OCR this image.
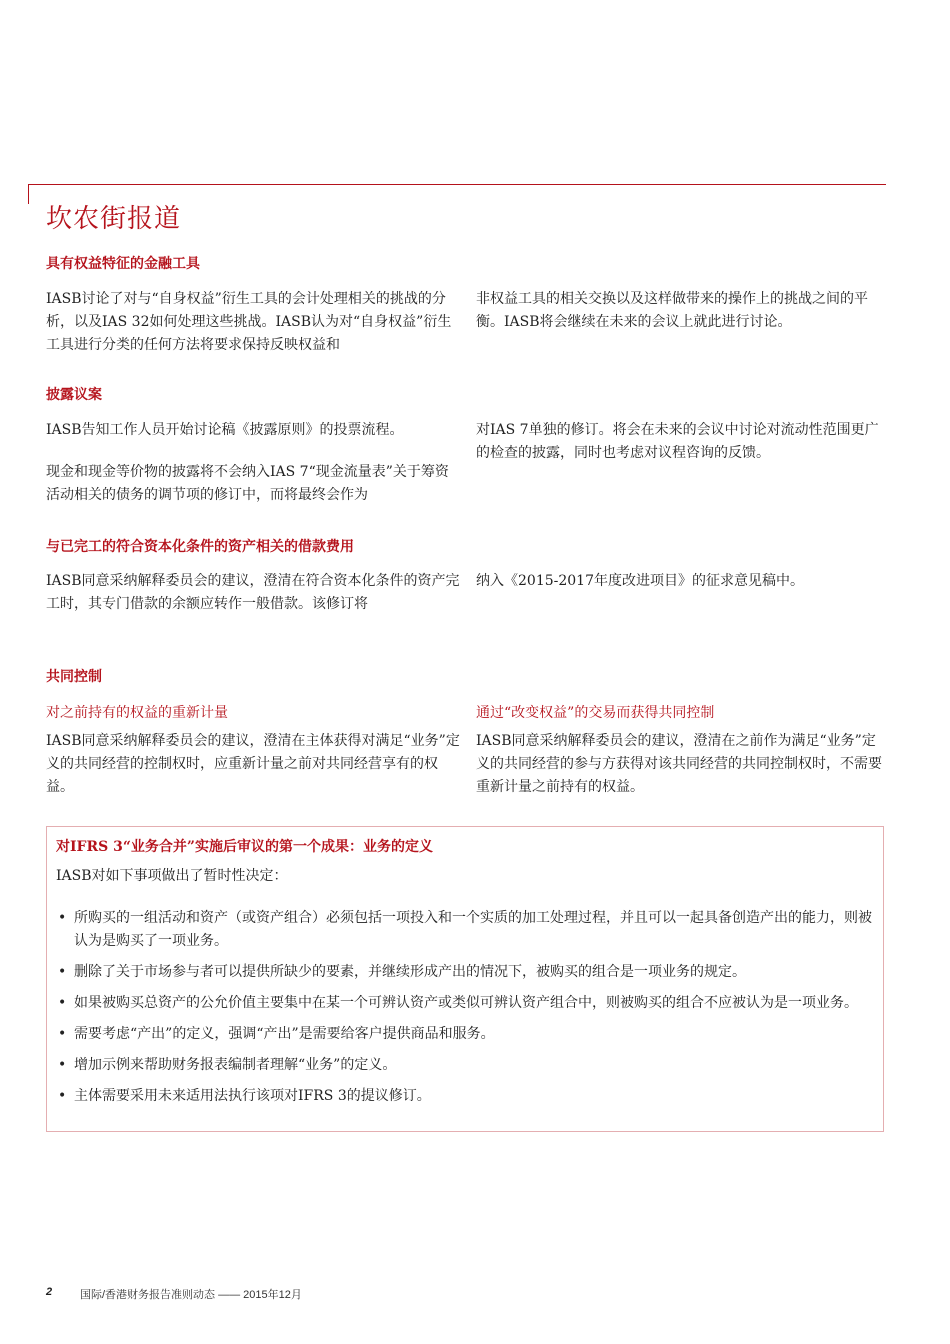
坎农街报道
具有权益特征的金融工具
IASB讨论了对与“自身权益”衍生工具的会计处理相关的挑战的分析，以及IAS 32如何处理这些挑战。IASB认为对“自身权益”衍生工具进行分类的任何方法将要求保持反映权益和
非权益工具的相关交换以及这样做带来的操作上的挑战之间的平衡。IASB将会继续在未来的会议上就此进行讨论。
披露议案
IASB告知工作人员开始讨论稿《披露原则》的投票流程。
现金和现金等价物的披露将不会纳入IAS 7“现金流量表”关于筹资活动相关的债务的调节项的修订中，而将最终会作为
对IAS 7单独的修订。将会在未来的会议中讨论对流动性范围更广的检查的披露，同时也考虑对议程咨询的反馈。
与已完工的符合资本化条件的资产相关的借款费用
IASB同意采纳解释委员会的建议，澄清在符合资本化条件的资产完工时，其专门借款的余额应转作一般借款。该修订将
纳入《2015-2017年度改进项目》的征求意见稿中。
共同控制
对之前持有的权益的重新计量	通过“改变权益”的交易而获得共同控制
IASB同意采纳解释委员会的建议，澄清在主体获得对满足“业务”定义的共同经营的控制权时，应重新计量之前对共同经营享有的权益。
IASB同意采纳解释委员会的建议，澄清在之前作为满足“业务”定义的共同经营的参与方获得对该共同经营的共同控制权时，不需要重新计量之前持有的权益。
对IFRS 3“业务合并”实施后审议的第一个成果：业务的定义
IASB对如下事项做出了暂时性决定：
• 所购买的一组活动和资产（或资产组合）必须包括一项投入和一个实质的加工处理过程，并且可以一起具备创造产出的能力，则被认为是购买了一项业务。
• 删除了关于市场参与者可以提供所缺少的要素，并继续形成产出的情况下，被购买的组合是一项业务的规定。
• 如果被购买总资产的公允价值主要集中在某一个可辨认资产或类似可辨认资产组合中，则被购买的组合不应被认为是一项业务。
• 需要考虑“产出”的定义，强调“产出”是需要给客户提供商品和服务。
• 增加示例来帮助财务报表编制者理解“业务”的定义。
• 主体需要采用未来适用法执行该项对IFRS 3的提议修订。
2	国际/香港财务报告准则动态 —— 2015年12月
